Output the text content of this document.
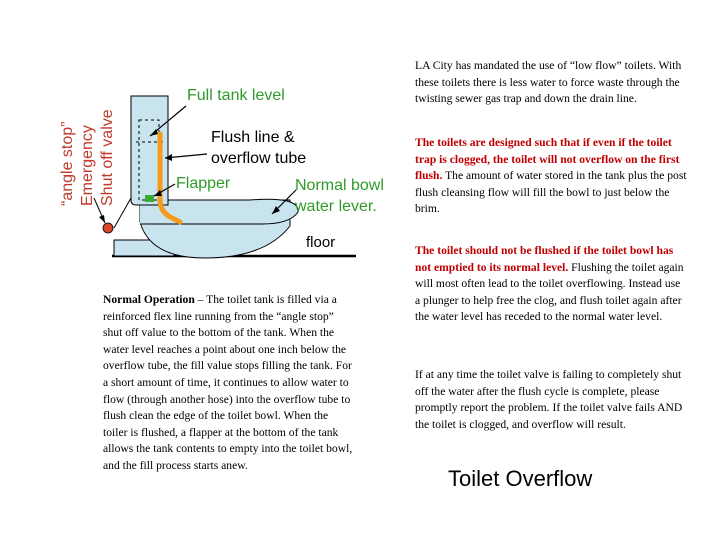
Full tank level
Flush line &
overflow tube
Flapper	Normal bowl
water lever.
floor
“angle stop” Emergency Shut off valve
Normal Operation – The toilet tank is filled via a reinforced flex line running from the “angle stop” shut off value to the bottom of the tank. When the water level reaches a point about one inch below the overflow tube, the fill value stops filling the tank. For a short amount of time, it continues to allow water to flow (through another hose) into the overflow tube to flush clean the edge of the toilet bowl. When the toiler is flushed, a flapper at the bottom of the tank allows the tank contents to empty into the toilet bowl, and the fill process starts anew.
LA City has mandated the use of “low flow” toilets. With these toilets there is less water to force waste through the twisting sewer gas trap and down the drain line.
The toilets are designed such that if even if the toilet trap is clogged, the toilet will not overflow on the first flush. The amount of water stored in the tank plus the post flush cleansing flow will fill the bowl to just below the brim.
The toilet should not be flushed if the toilet bowl has not emptied to its normal level. Flushing the toilet again will most often lead to the toilet overflowing. Instead use a plunger to help free the clog, and flush toilet again after the water level has receded to the normal water level.
If at any time the toilet valve is failing to completely shut off the water after the flush cycle is complete, please promptly report the problem. If the toilet valve fails AND the toilet is clogged, and overflow will result.
Toilet Overflow
